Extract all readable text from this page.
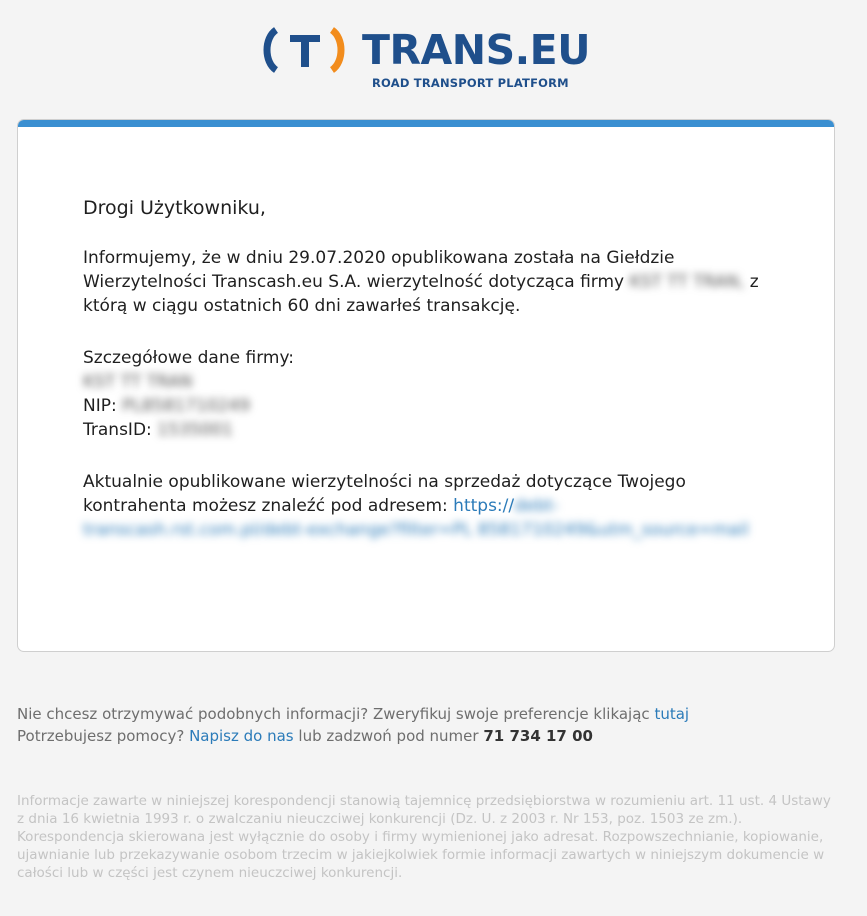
TRANS.EU
ROAD TRANSPORT PLATFORM

Drogi Użytkowniku,

Informujemy, że w dniu 29.07.2020 opublikowana została na Giełdzie Wierzytelności Transcash.eu S.A. wierzytelność dotycząca firmy KST TT TRAN, z którą w ciągu ostatnich 60 dni zawarłeś transakcję.

Szczegółowe dane firmy:
KST TT TRAN
NIP: PL8581710249
TransID: 1535001

Aktualnie opublikowane wierzytelności na sprzedaż dotyczące Twojego kontrahenta możesz znaleźć pod adresem: https://debt-transcash.rst.com.pl/debt-exchange?filter=PL 8581710249&utm_source=mail

Nie chcesz otrzymywać podobnych informacji? Zweryfikuj swoje preferencje klikając tutaj
Potrzebujesz pomocy? Napisz do nas lub zadzwoń pod numer 71 734 17 00
Informacje zawarte w niniejszej korespondencji stanowią tajemnicę przedsiębiorstwa w rozumieniu art. 11 ust. 4 Ustawy z dnia 16 kwietnia 1993 r. o zwalczaniu nieuczciwej konkurencji (Dz. U. z 2003 r. Nr 153, poz. 1503 ze zm.). Korespondencja skierowana jest wyłącznie do osoby i firmy wymienionej jako adresat. Rozpowszechnianie, kopiowanie, ujawnianie lub przekazywanie osobom trzecim w jakiejkolwiek formie informacji zawartych w niniejszym dokumencie w całości lub w części jest czynem nieuczciwej konkurencji.
